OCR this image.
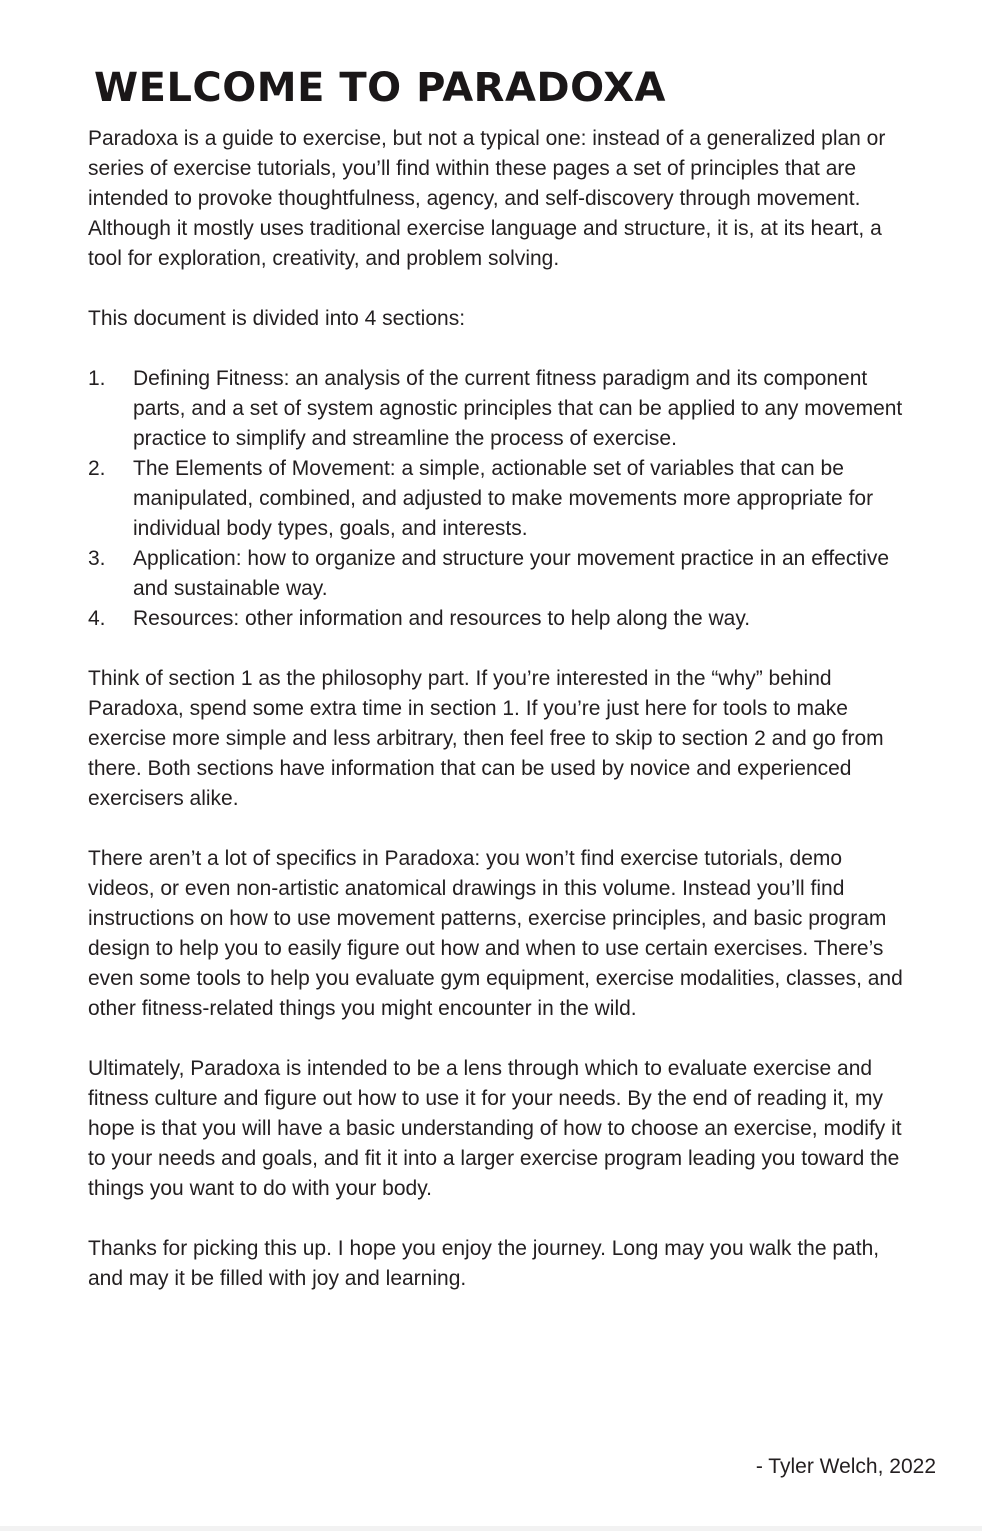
WELCOME TO PARADOXA

Paradoxa is a guide to exercise, but not a typical one: instead of a generalized plan or series of exercise tutorials, you’ll find within these pages a set of principles that are intended to provoke thoughtfulness, agency, and self-discovery through movement. Although it mostly uses traditional exercise language and structure, it is, at its heart, a tool for exploration, creativity, and problem solving.

This document is divided into 4 sections:

1. Defining Fitness: an analysis of the current fitness paradigm and its component parts, and a set of system agnostic principles that can be applied to any movement practice to simplify and streamline the process of exercise.
2. The Elements of Movement: a simple, actionable set of variables that can be manipulated, combined, and adjusted to make movements more appropriate for individual body types, goals, and interests.
3. Application: how to organize and structure your movement practice in an effective and sustainable way.
4. Resources: other information and resources to help along the way.

Think of section 1 as the philosophy part. If you’re interested in the “why” behind Paradoxa, spend some extra time in section 1. If you’re just here for tools to make exercise more simple and less arbitrary, then feel free to skip to section 2 and go from there. Both sections have information that can be used by novice and experienced exercisers alike.

There aren’t a lot of specifics in Paradoxa: you won’t find exercise tutorials, demo videos, or even non-artistic anatomical drawings in this volume. Instead you’ll find instructions on how to use movement patterns, exercise principles, and basic program design to help you to easily figure out how and when to use certain exercises. There’s even some tools to help you evaluate gym equipment, exercise modalities, classes, and other fitness-related things you might encounter in the wild.

Ultimately, Paradoxa is intended to be a lens through which to evaluate exercise and fitness culture and figure out how to use it for your needs. By the end of reading it, my hope is that you will have a basic understanding of how to choose an exercise, modify it to your needs and goals, and fit it into a larger exercise program leading you toward the things you want to do with your body.

Thanks for picking this up. I hope you enjoy the journey. Long may you walk the path, and may it be filled with joy and learning.

- Tyler Welch, 2022
